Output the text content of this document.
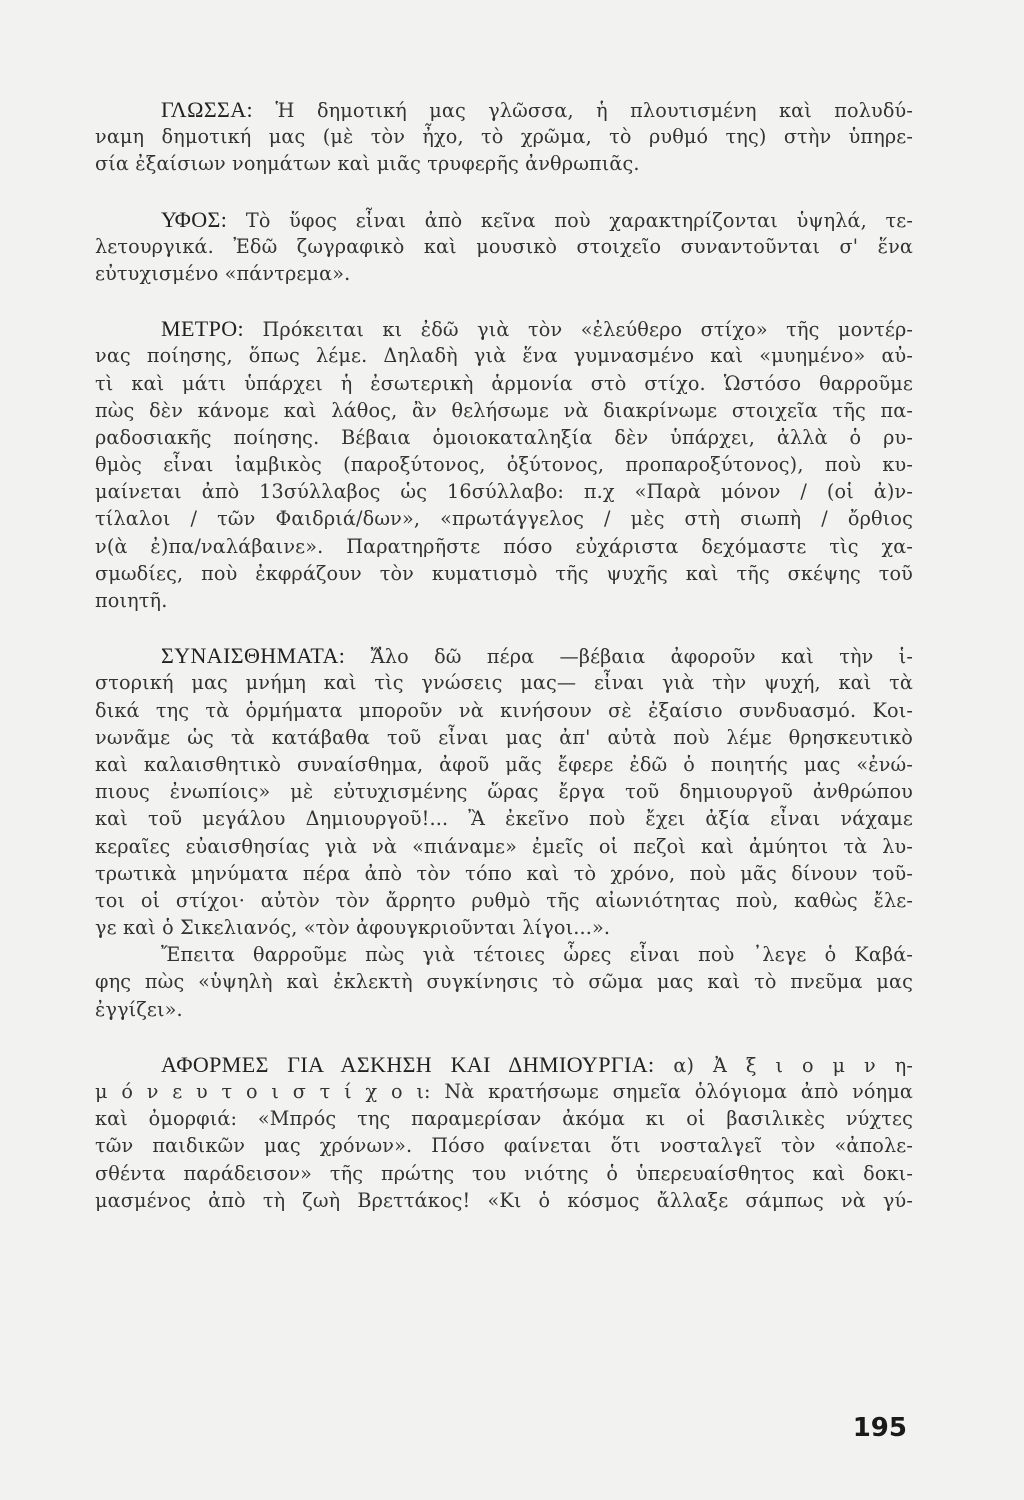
ΓΛΩΣΣΑ: Ἡ δημοτική μας γλῶσσα, ἡ πλουτισμένη καὶ πολυδύ-
ναμη δημοτική μας (μὲ τὸν ἦχο, τὸ χρῶμα, τὸ ρυθμό της) στὴν ὑπηρε-
σία ἐξαίσιων νοημάτων καὶ μιᾶς τρυφερῆς ἀνθρωπιᾶς.
ΥΦΟΣ: Τὸ ὕφος εἶναι ἀπὸ κεῖνα ποὺ χαρακτηρίζονται ὑψηλά, τε-
λετουργικά. Ἐδῶ ζωγραφικὸ καὶ μουσικὸ στοιχεῖο συναντοῦνται σ' ἕνα
εὐτυχισμένο «πάντρεμα».
ΜΕΤΡΟ: Πρόκειται κι ἐδῶ γιὰ τὸν «ἐλεύθερο στίχο» τῆς μοντέρ-
νας ποίησης, ὅπως λέμε. Δηλαδὴ γιὰ ἕνα γυμνασμένο καὶ «μυημένο» αὐ-
τὶ καὶ μάτι ὑπάρχει ἡ ἐσωτερικὴ ἁρμονία στὸ στίχο. Ὡστόσο θαρροῦμε
πὼς δὲν κάνομε καὶ λάθος, ἂν θελήσωμε νὰ διακρίνωμε στοιχεῖα τῆς πα-
ραδοσιακῆς ποίησης. Βέβαια ὁμοιοκαταληξία δὲν ὑπάρχει, ἀλλὰ ὁ ρυ-
θμὸς εἶναι ἰαμβικὸς (παροξύτονος, ὀξύτονος, προπαροξύτονος), ποὺ κυ-
μαίνεται ἀπὸ 13σύλλαβος ὡς 16σύλλαβο: π.χ «Παρὰ μόνον / (οἱ ἀ)ν-
τίλαλοι / τῶν Φαιδριά/δων», «πρωτάγγελος / μὲς στὴ σιωπὴ / ὄρθιος
ν(ὰ ἐ)πα/ναλάβαινε». Παρατηρῆστε πόσο εὐχάριστα δεχόμαστε τὶς χα-
σμωδίες, ποὺ ἐκφράζουν τὸν κυματισμὸ τῆς ψυχῆς καὶ τῆς σκέψης τοῦ
ποιητῆ.
ΣΥΝΑΙΣΘΗΜΑΤΑ: Ἄ̓λο δῶ πέρα —βέβαια ἀφοροῦν καὶ τὴν ἱ-
στορική μας μνήμη καὶ τὶς γνώσεις μας— εἶναι γιὰ τὴν ψυχή, καὶ τὰ
δικά της τὰ ὁρμήματα μποροῦν νὰ κινήσουν σὲ ἐξαίσιο συνδυασμό. Κοι-
νωνᾶμε ὡς τὰ κατάβαθα τοῦ εἶναι μας ἀπ' αὐτὰ ποὺ λέμε θρησκευτικὸ
καὶ καλαισθητικὸ συναίσθημα, ἀφοῦ μᾶς ἔφερε ἐδῶ ὁ ποιητής μας «ἐνώ-
πιους ἐνωπίοις» μὲ εὐτυχισμένης ὥρας ἔργα τοῦ δημιουργοῦ ἀνθρώπου
καὶ τοῦ μεγάλου Δημιουργοῦ!... Ἂ ἐκεῖνο ποὺ ἔχει ἀξία εἶναι νάχαμε
κεραῖες εὐαισθησίας γιὰ νὰ «πιάναμε» ἐμεῖς οἱ πεζοὶ καὶ ἀμύητοι τὰ λυ-
τρωτικὰ μηνύματα πέρα ἀπὸ τὸν τόπο καὶ τὸ χρόνο, ποὺ μᾶς δίνουν τοῦ-
τοι οἱ στίχοι· αὐτὸν τὸν ἄρρητο ρυθμὸ τῆς αἰωνιότητας ποὺ, καθὼς ἔλε-
γε καὶ ὁ Σικελιανός, «τὸν ἀφουγκριοῦνται λίγοι...».
Ἔπειτα θαρροῦμε πὼς γιὰ τέτοιες ὧρες εἶναι ποὺ ᾽λεγε ὁ Καβά-
φης πὼς «ὑψηλὴ καὶ ἐκλεκτὴ συγκίνησις τὸ σῶμα μας καὶ τὸ πνεῦμα μας
ἐγγίζει».
ΑΦΟΡΜΕΣ ΓΙΑ ΑΣΚΗΣΗ ΚΑΙ ΔΗΜΙΟΥΡΓΙΑ: α) Ἀ ξ ι ο μ ν η-
μ ό ν ε υ τ ο ι σ τ ί χ ο ι: Νὰ κρατήσωμε σημεῖα ὁλόγιομα ἀπὸ νόημα
καὶ ὀμορφιά: «Μπρός της παραμερίσαν ἀκόμα κι οἱ βασιλικὲς νύχτες
τῶν παιδικῶν μας χρόνων». Πόσο φαίνεται ὅτι νοσταλγεῖ τὸν «ἀπολε-
σθέντα παράδεισον» τῆς πρώτης του νιότης ὁ ὑπερευαίσθητος καὶ δοκι-
μασμένος ἀπὸ τὴ ζωὴ Βρεττάκος! «Κι ὁ κόσμος ἄλλαξε σάμπως νὰ γύ-
195
